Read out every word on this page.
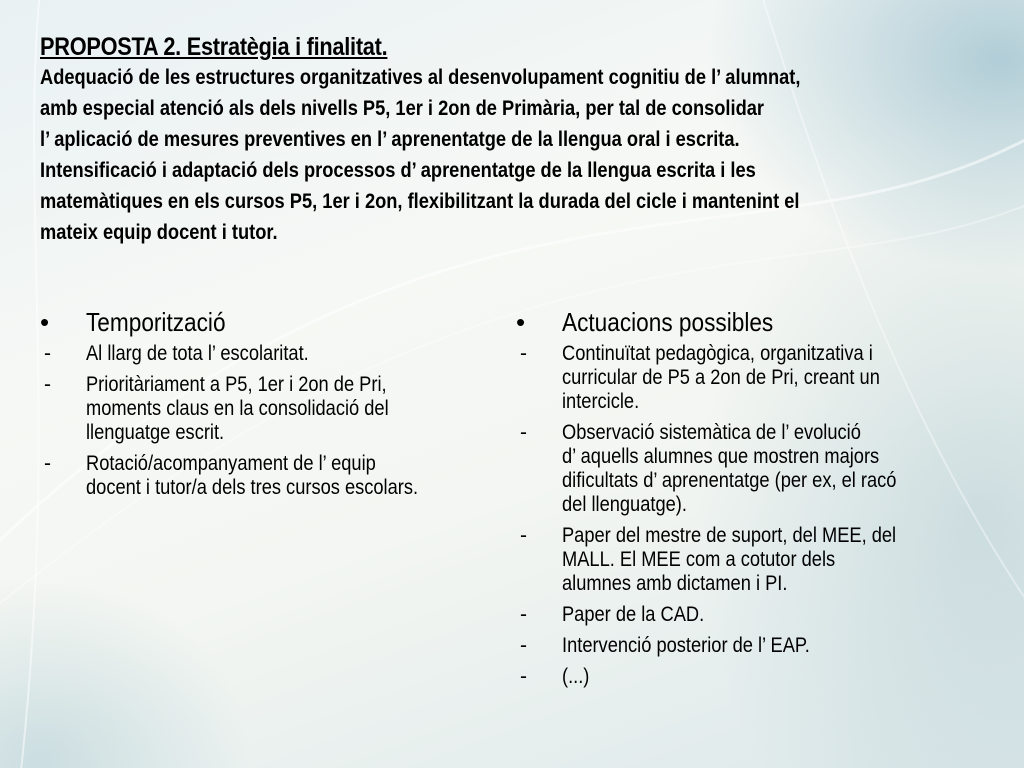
PROPOSTA 2. Estratègia i finalitat.
Adequació de les estructures organitzatives al desenvolupament cognitiu de l’ alumnat,
amb especial atenció als dels nivells P5, 1er i 2on de Primària, per tal de consolidar
l’ aplicació de mesures preventives en l’ aprenentatge de la llengua oral i escrita.
Intensificació i adaptació dels processos d’ aprenentatge de la llengua escrita i les
matemàtiques en els cursos P5, 1er i 2on, flexibilitzant la durada del cicle i mantenint el
mateix equip docent i tutor.
•	Temporització
-	Al llarg de tota l’ escolaritat.
-	Prioritàriament a P5, 1er i 2on de Pri,
moments claus en la consolidació del
llenguatge escrit.
-	Rotació/acompanyament de l’ equip
docent i tutor/a dels tres cursos escolars.
•	Actuacions possibles
-	Continuïtat pedagògica, organitzativa i
curricular de P5 a 2on de Pri, creant un
intercicle.
-	Observació sistemàtica de l’ evolució
d’ aquells alumnes que mostren majors
dificultats d’ aprenentatge (per ex, el racó
del llenguatge).
-	Paper del mestre de suport, del MEE, del
MALL. El MEE com a cotutor dels
alumnes amb dictamen i PI.
-	Paper de la CAD.
-	Intervenció posterior de l’ EAP.
-	(...)
